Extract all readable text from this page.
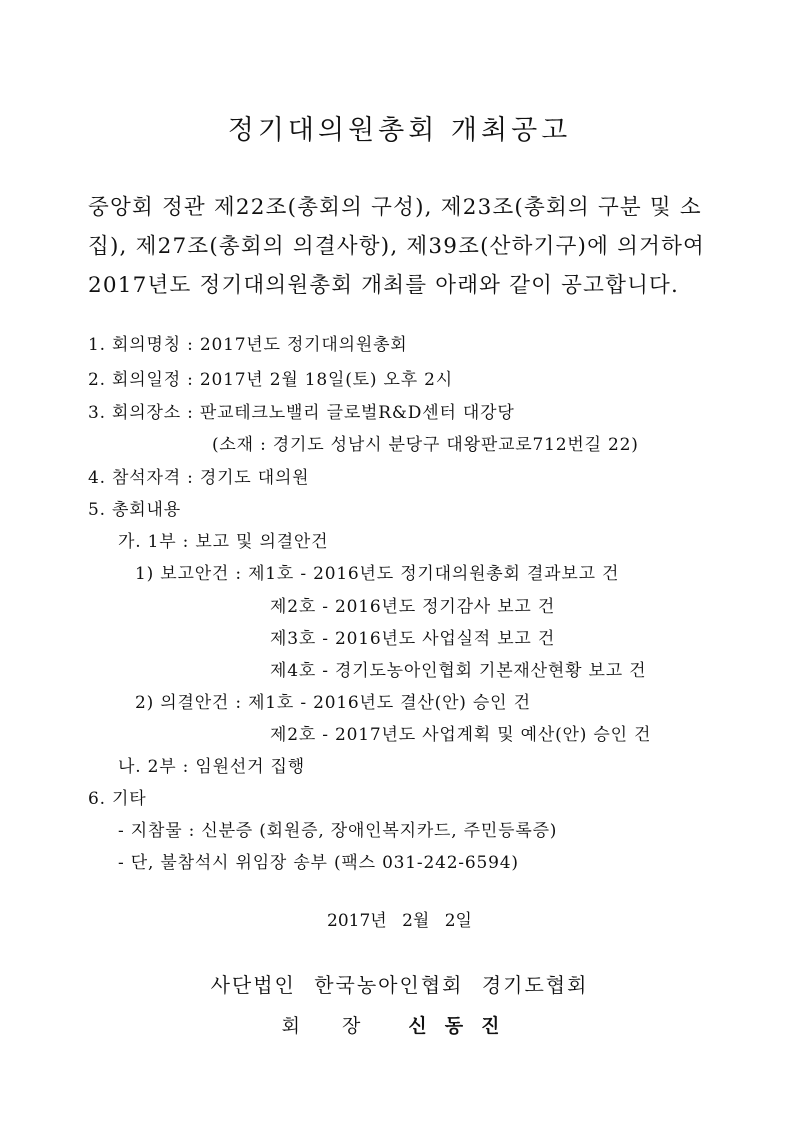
정기대의원총회 개최공고
중앙회 정관 제22조(총회의 구성), 제23조(총회의 구분 및 소
집), 제27조(총회의 의결사항), 제39조(산하기구)에 의거하여
2017년도 정기대의원총회 개최를 아래와 같이 공고합니다.
1. 회의명칭 : 2017년도 정기대의원총회
2. 회의일정 : 2017년 2월 18일(토) 오후 2시
3. 회의장소 : 판교테크노밸리 글로벌R&D센터 대강당
(소재 : 경기도 성남시 분당구 대왕판교로712번길 22)
4. 참석자격 : 경기도 대의원
5. 총회내용
가. 1부 : 보고 및 의결안건
1) 보고안건 : 제1호 - 2016년도 정기대의원총회 결과보고 건
제2호 - 2016년도 정기감사 보고 건
제3호 - 2016년도 사업실적 보고 건
제4호 - 경기도농아인협회 기본재산현황 보고 건
2) 의결안건 : 제1호 - 2016년도 결산(안) 승인 건
제2호 - 2017년도 사업계획 및 예산(안) 승인 건
나. 2부 : 임원선거 집행
6. 기타
- 지참물 : 신분증 (회원증, 장애인복지카드, 주민등록증)
- 단, 불참석시 위임장 송부 (팩스 031-242-6594)
2017년 2월 2일
사단법인 한국농아인협회 경기도협회
회 장 신동진
